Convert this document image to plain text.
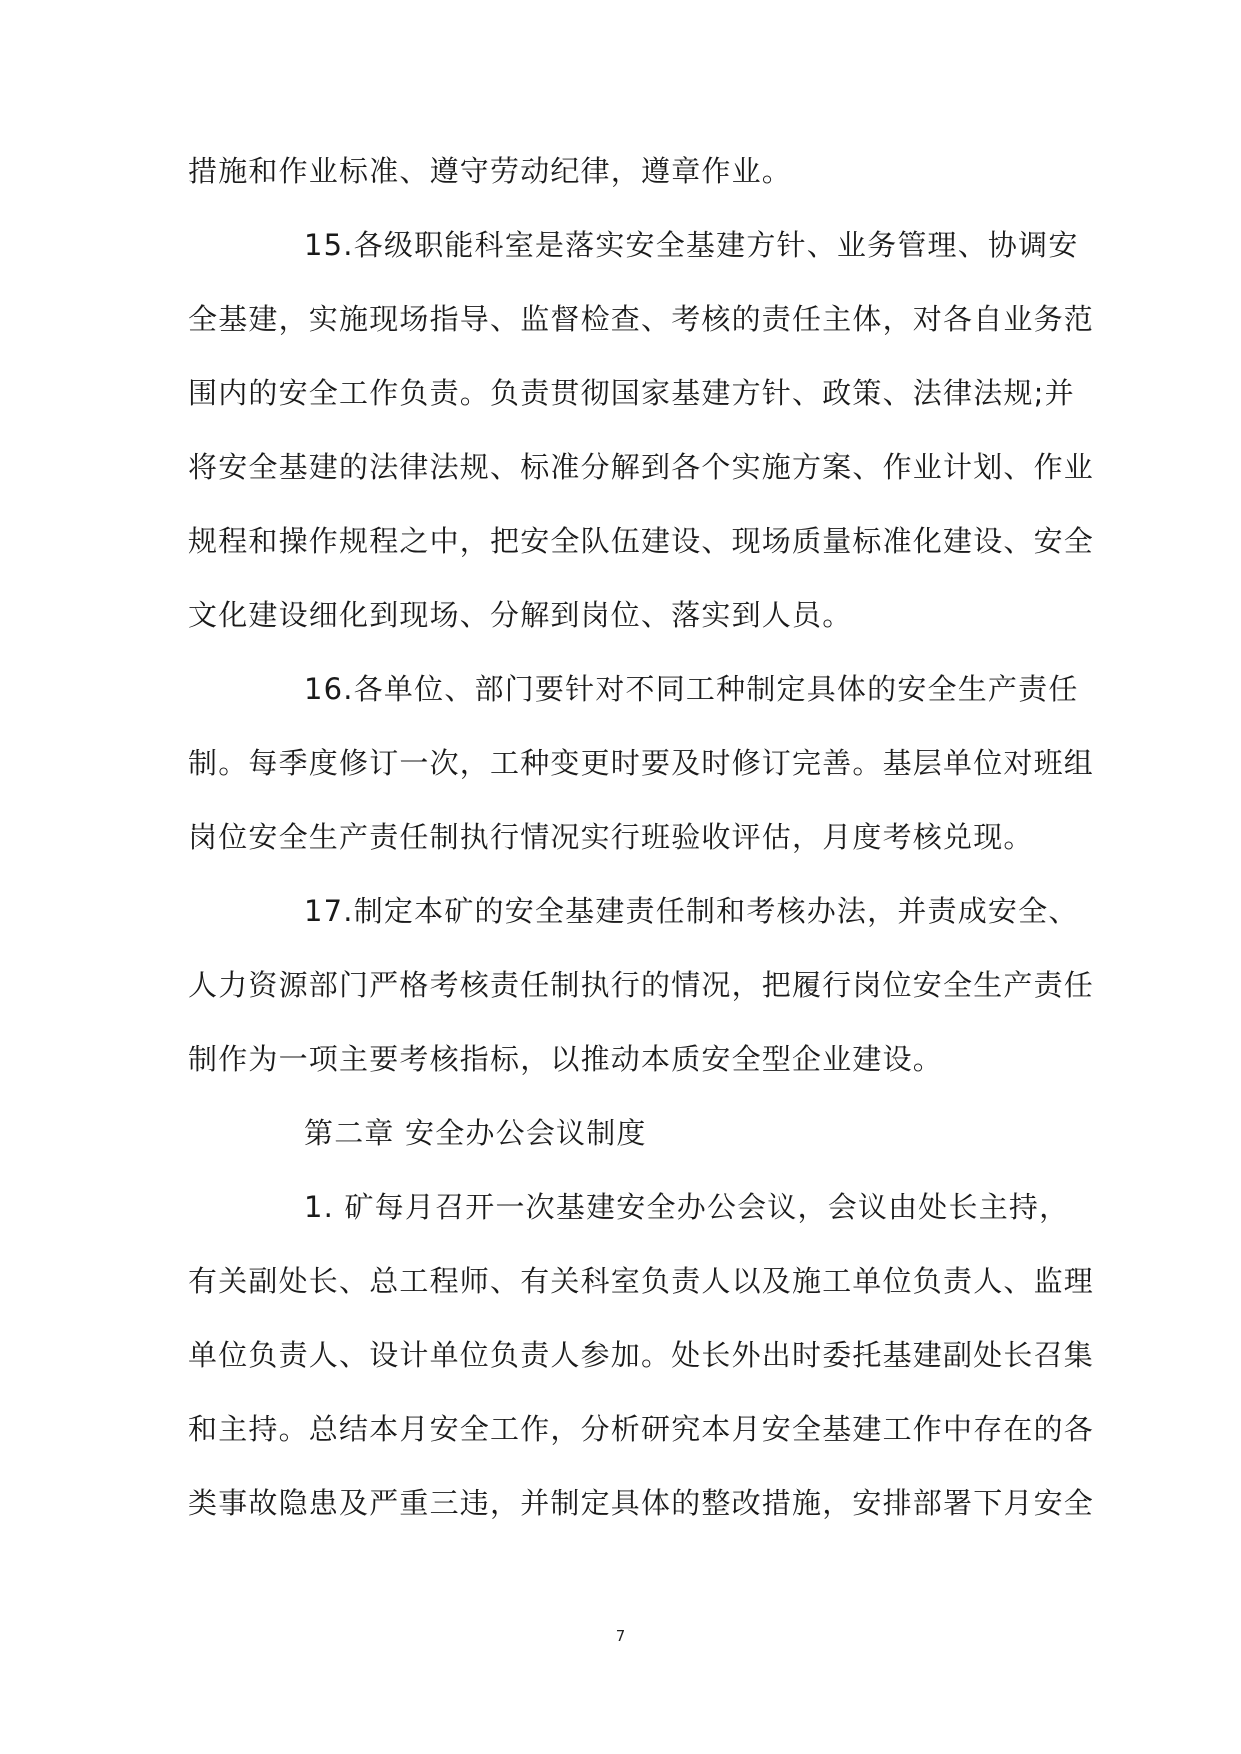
措施和作业标准、遵守劳动纪律，遵章作业。
15.各级职能科室是落实安全基建方针、业务管理、协调安
全基建，实施现场指导、监督检查、考核的责任主体，对各自业务范
围内的安全工作负责。负责贯彻国家基建方针、政策、法律法规;并
将安全基建的法律法规、标准分解到各个实施方案、作业计划、作业
规程和操作规程之中，把安全队伍建设、现场质量标准化建设、安全
文化建设细化到现场、分解到岗位、落实到人员。
16.各单位、部门要针对不同工种制定具体的安全生产责任
制。每季度修订一次，工种变更时要及时修订完善。基层单位对班组
岗位安全生产责任制执行情况实行班验收评估，月度考核兑现。
17.制定本矿的安全基建责任制和考核办法，并责成安全、
人力资源部门严格考核责任制执行的情况，把履行岗位安全生产责任
制作为一项主要考核指标，以推动本质安全型企业建设。
第二章 安全办公会议制度
1. 矿每月召开一次基建安全办公会议，会议由处长主持，
有关副处长、总工程师、有关科室负责人以及施工单位负责人、监理
单位负责人、设计单位负责人参加。处长外出时委托基建副处长召集
和主持。总结本月安全工作，分析研究本月安全基建工作中存在的各
类事故隐患及严重三违，并制定具体的整改措施，安排部署下月安全
7
